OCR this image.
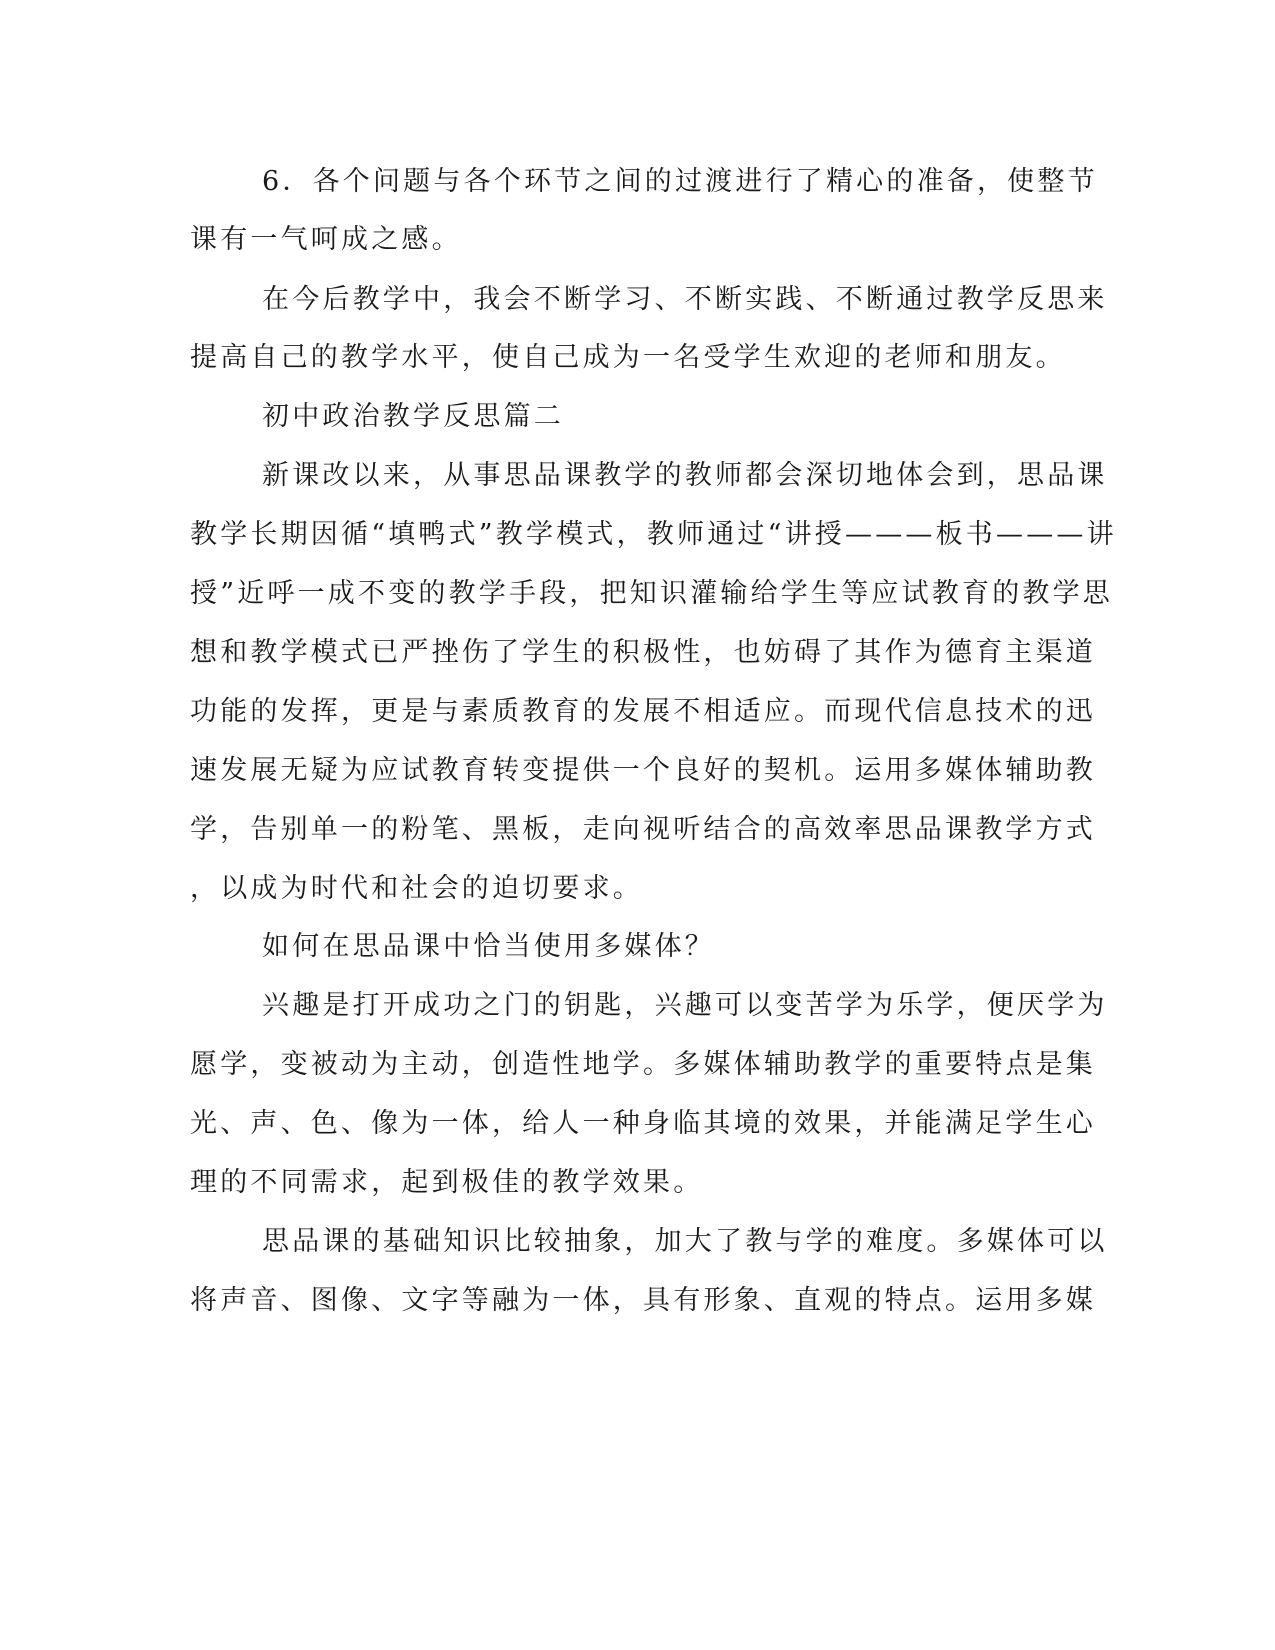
6．各个问题与各个环节之间的过渡进行了精心的准备，使整节

课有一气呵成之感。

在今后教学中，我会不断学习、不断实践、不断通过教学反思来

提高自己的教学水平，使自己成为一名受学生欢迎的老师和朋友。

初中政治教学反思篇二

新课改以来，从事思品课教学的教师都会深切地体会到，思品课

教学长期因循“填鸭式”教学模式，教师通过“讲授———板书———讲

授”近呼一成不变的教学手段，把知识灌输给学生等应试教育的教学思

想和教学模式已严挫伤了学生的积极性，也妨碍了其作为德育主渠道

功能的发挥，更是与素质教育的发展不相适应。而现代信息技术的迅

速发展无疑为应试教育转变提供一个良好的契机。运用多媒体辅助教

学，告别单一的粉笔、黑板，走向视听结合的高效率思品课教学方式

，以成为时代和社会的迫切要求。

如何在思品课中恰当使用多媒体？

兴趣是打开成功之门的钥匙，兴趣可以变苦学为乐学，便厌学为

愿学，变被动为主动，创造性地学。多媒体辅助教学的重要特点是集

光、声、色、像为一体，给人一种身临其境的效果，并能满足学生心

理的不同需求，起到极佳的教学效果。

思品课的基础知识比较抽象，加大了教与学的难度。多媒体可以

将声音、图像、文字等融为一体，具有形象、直观的特点。运用多媒
